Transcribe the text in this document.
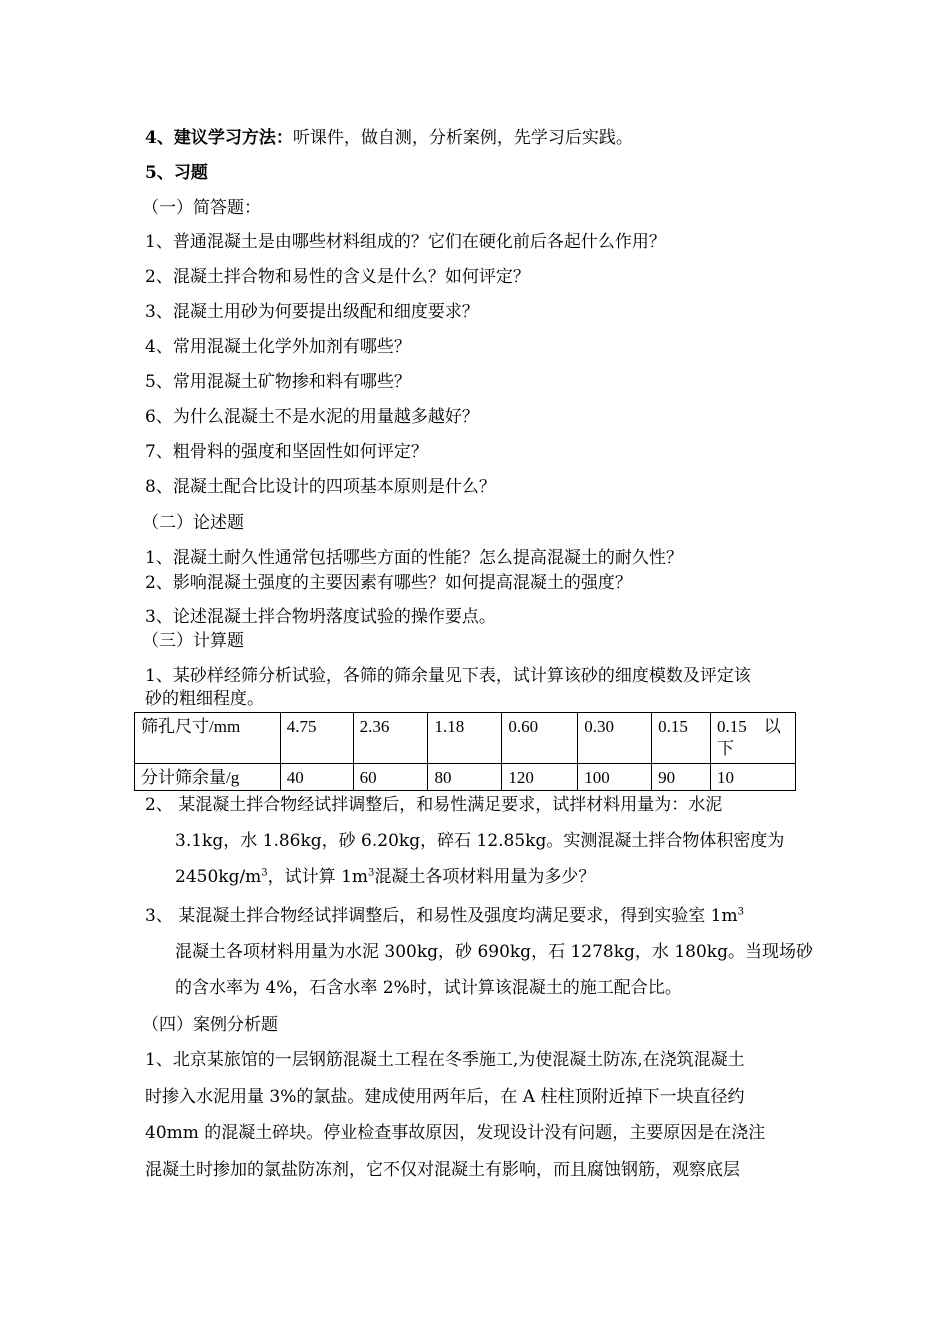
4、建议学习方法：听课件，做自测，分析案例，先学习后实践。
5、习题
（一）简答题：
1、普通混凝土是由哪些材料组成的？它们在硬化前后各起什么作用？
2、混凝土拌合物和易性的含义是什么？如何评定？
3、混凝土用砂为何要提出级配和细度要求？
4、常用混凝土化学外加剂有哪些？
5、常用混凝土矿物掺和料有哪些？
6、为什么混凝土不是水泥的用量越多越好？
7、粗骨料的强度和坚固性如何评定？
8、混凝土配合比设计的四项基本原则是什么？
（二）论述题
1、混凝土耐久性通常包括哪些方面的性能？怎么提高混凝土的耐久性？
2、影响混凝土强度的主要因素有哪些？如何提高混凝土的强度？
3、论述混凝土拌合物坍落度试验的操作要点。
（三）计算题
1、某砂样经筛分析试验，各筛的筛余量见下表，试计算该砂的细度模数及评定该
砂的粗细程度。
筛孔尺寸/mm	4.75	2.36	1.18	0.60	0.30	0.15	0.15　以下
分计筛余量/g	40	60	80	120	100	90	10
2、 某混凝土拌合物经试拌调整后，和易性满足要求，试拌材料用量为：水泥
3.1kg，水 1.86kg，砂 6.20kg，碎石 12.85kg。实测混凝土拌合物体积密度为
$2450kg/m^3$，试计算 $1m^3$混凝土各项材料用量为多少？
3、 某混凝土拌合物经试拌调整后，和易性及强度均满足要求，得到实验室 $1m^3$
混凝土各项材料用量为水泥 300kg，砂 690kg，石 1278kg，水 180kg。当现场砂
的含水率为 4%，石含水率 2%时，试计算该混凝土的施工配合比。
（四）案例分析题
1、北京某旅馆的一层钢筋混凝土工程在冬季施工,为使混凝土防冻,在浇筑混凝土
时掺入水泥用量 3%的氯盐。建成使用两年后，在 A 柱柱顶附近掉下一块直径约
40mm 的混凝土碎块。停业检查事故原因，发现设计没有问题，主要原因是在浇注
混凝土时掺加的氯盐防冻剂，它不仅对混凝土有影响，而且腐蚀钢筋，观察底层
